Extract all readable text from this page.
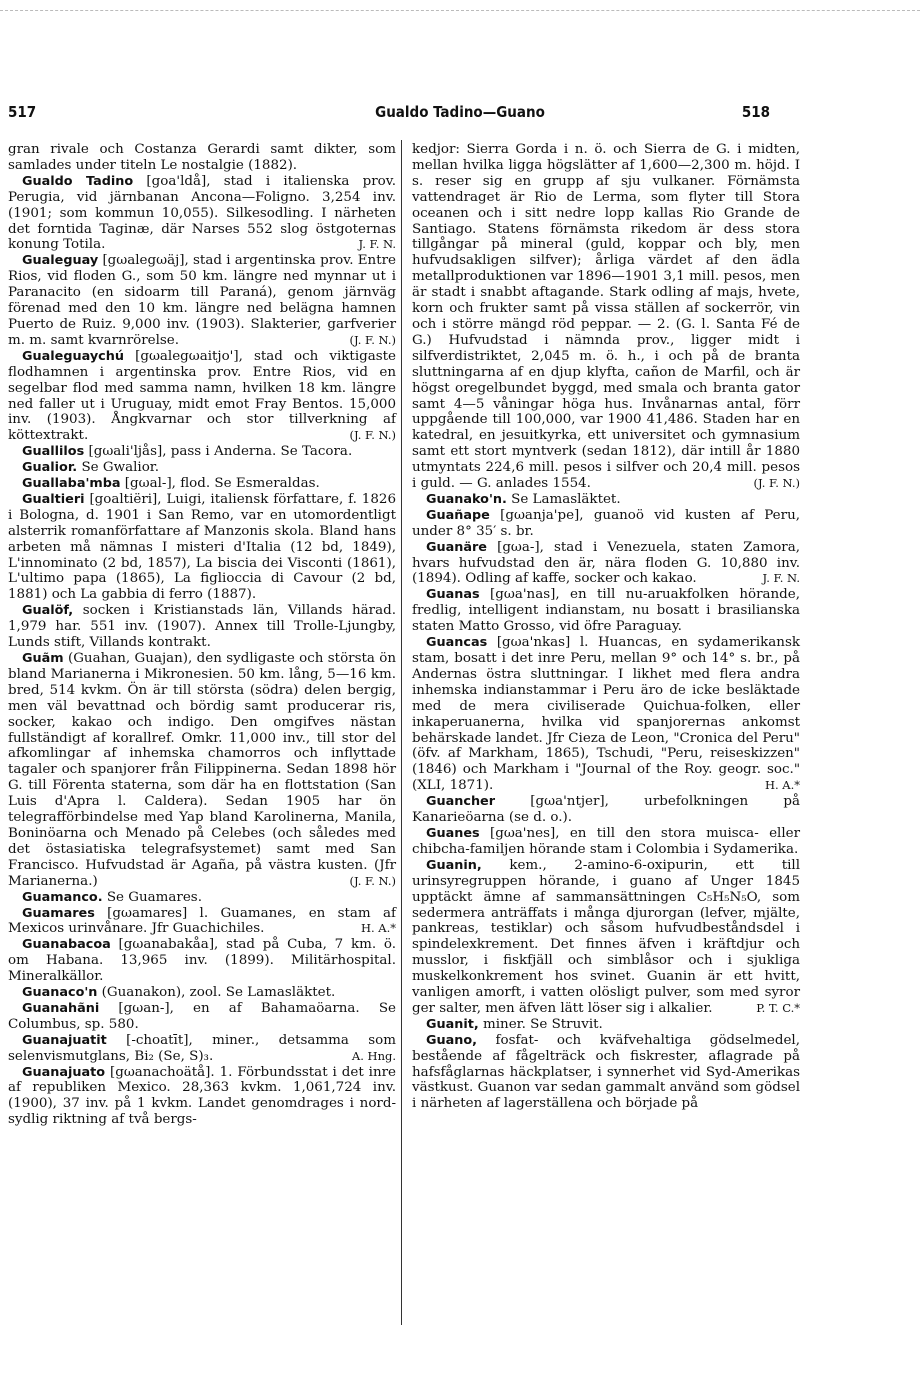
517	Gualdo Tadino—Guano	518

gran rivale och Costanza Gerardi samt dikter, som samlades under titeln Le nostalgie (1882).

Gualdo Tadino [goa'ldå], stad i italienska prov. Perugia, vid järnbanan Ancona—Foligno. 3,254 inv. (1901; som kommun 10,055). Silkesodling. I närheten det forntida Taginæ, där Narses 552 slog östgoternas konung Totila.	J. F. N.

Gualeguay [gωalegωäj], stad i argentinska prov. Entre Rios, vid floden G., som 50 km. längre ned mynnar ut i Paranacito (en sidoarm till Paraná), genom järnväg förenad med den 10 km. längre ned belägna hamnen Puerto de Ruiz. 9,000 inv. (1903). Slakterier, garfverier m. m. samt kvarnrörelse.	(J. F. N.)

Gualeguaychú [gωalegωaitjo'], stad och viktigaste flodhamnen i argentinska prov. Entre Rios, vid en segelbar flod med samma namn, hvilken 18 km. längre ned faller ut i Uruguay, midt emot Fray Bentos. 15,000 inv. (1903). Ångkvarnar och stor tillverkning af köttextrakt.	(J. F. N.)

Guallilos [gωali'ljås], pass i Anderna. Se Tacora.

Gualior. Se Gwalior.

Guallaba'mba [gωal-], flod. Se Esmeraldas.

Gualtieri [goaltiëri], Luigi, italiensk författare, f. 1826 i Bologna, d. 1901 i San Remo, var en utomordentligt alsterrik romanförfattare af Manzonis skola. Bland hans arbeten må nämnas I misteri d'Italia (12 bd, 1849), L'innominato (2 bd, 1857), La biscia dei Visconti (1861), L'ultimo papa (1865), La figlioccia di Cavour (2 bd, 1881) och La gabbia di ferro (1887).

Gualöf, socken i Kristianstads län, Villands härad. 1,979 har. 551 inv. (1907). Annex till Trolle-Ljungby, Lunds stift, Villands kontrakt.

Guãm (Guahan, Guajan), den sydligaste och största ön bland Marianerna i Mikronesien. 50 km. lång, 5—16 km. bred, 514 kvkm. Ön är till största (södra) delen bergig, men väl bevattnad och bördig samt producerar ris, socker, kakao och indigo. Den omgifves nästan fullständigt af korallref. Omkr. 11,000 inv., till stor del afkomlingar af inhemska chamorros och inflyttade tagaler och spanjorer från Filippinerna. Sedan 1898 hör G. till Förenta staterna, som där ha en flottstation (San Luis d'Apra l. Caldera). Sedan 1905 har ön telegrafförbindelse med Yap bland Karolinerna, Manila, Boninöarna och Menado på Celebes (och således med det östasiatiska telegrafsystemet) samt med San Francisco. Hufvudstad är Agaña, på västra kusten. (Jfr Marianerna.)	(J. F. N.)

Guamanco. Se Guamares.

Guamares [gωamares] l. Guamanes, en stam af Mexicos urinvånare. Jfr Guachichiles.	H. A.*

Guanabacoa [gωanabakåa], stad på Cuba, 7 km. ö. om Habana. 13,965 inv. (1899). Militärhospital. Mineralkällor.

Guanaco'n (Guanakon), zool. Se Lamasläktet.

Guanahãni [gωan-], en af Bahamaöarna. Se Columbus, sp. 580.

Guanajuatit [-choatīt], miner., detsamma som selenvismutglans, Bi₂ (Se, S)₃.	A. Hng.

Guanajuato [gωanachoätå]. 1. Förbundsstat i det inre af republiken Mexico. 28,363 kvkm. 1,061,724 inv. (1900), 37 inv. på 1 kvkm. Landet genomdrages i nord-sydlig riktning af två bergs-

kedjor: Sierra Gorda i n. ö. och Sierra de G. i midten, mellan hvilka ligga högslätter af 1,600—2,300 m. höjd. I s. reser sig en grupp af sju vulkaner. Förnämsta vattendraget är Rio de Lerma, som flyter till Stora oceanen och i sitt nedre lopp kallas Rio Grande de Santiago. Statens förnämsta rikedom är dess stora tillgångar på mineral (guld, koppar och bly, men hufvudsakligen silfver); årliga värdet af den ädla metallproduktionen var 1896—1901 3,1 mill. pesos, men är stadt i snabbt aftagande. Stark odling af majs, hvete, korn och frukter samt på vissa ställen af sockerrör, vin och i större mängd röd peppar. — 2. (G. l. Santa Fé de G.) Hufvudstad i nämnda prov., ligger midt i silfverdistriktet, 2,045 m. ö. h., i och på de branta sluttningarna af en djup klyfta, cañon de Marfil, och är högst oregelbundet byggd, med smala och branta gator samt 4—5 våningar höga hus. Invånarnas antal, förr uppgående till 100,000, var 1900 41,486. Staden har en katedral, en jesuitkyrka, ett universitet och gymnasium samt ett stort myntverk (sedan 1812), där intill år 1880 utmyntats 224,6 mill. pesos i silfver och 20,4 mill. pesos i guld. — G. anlades 1554.	(J. F. N.)

Guanako'n. Se Lamasläktet.

Guañape [gωanja'pe], guanoö vid kusten af Peru, under 8° 35′ s. br.

Guanäre [gωa-], stad i Venezuela, staten Zamora, hvars hufvudstad den är, nära floden G. 10,880 inv. (1894). Odling af kaffe, socker och kakao.	J. F. N.

Guanas [gωa'nas], en till nu-aruakfolken hörande, fredlig, intelligent indianstam, nu bosatt i brasilianska staten Matto Grosso, vid öfre Paraguay.

Guancas [gωa'nkas] l. Huancas, en sydamerikansk stam, bosatt i det inre Peru, mellan 9° och 14° s. br., på Andernas östra sluttningar. I likhet med flera andra inhemska indianstammar i Peru äro de icke besläktade med de mera civiliserade Quichua-folken, eller inkaperuanerna, hvilka vid spanjorernas ankomst behärskade landet. Jfr Cieza de Leon, "Cronica del Peru" (öfv. af Markham, 1865), Tschudi, "Peru, reiseskizzen" (1846) och Markham i "Journal of the Roy. geogr. soc." (XLI, 1871).	H. A.*

Guancher [gωa'ntjer], urbefolkningen på Kanarieöarna (se d. o.).

Guanes [gωa'nes], en till den stora muisca- eller chibcha-familjen hörande stam i Colombia i Sydamerika.

Guanin, kem., 2-amino-6-oxipurin, ett till urinsyregruppen hörande, i guano af Unger 1845 upptäckt ämne af sammansättningen C₅H₅N₅O, som sedermera anträffats i många djurorgan (lefver, mjälte, pankreas, testiklar) och såsom hufvudbeståndsdel i spindelexkrement. Det finnes äfven i kräftdjur och musslor, i fiskfjäll och simblåsor och i sjukliga muskelkonkrement hos svinet. Guanin är ett hvitt, vanligen amorft, i vatten olösligt pulver, som med syror ger salter, men äfven lätt löser sig i alkalier.	P. T. C.*

Guanit, miner. Se Struvit.

Guano, fosfat- och kväfvehaltiga gödselmedel, bestående af fågelträck och fiskrester, aflagrade på hafsfåglarnas häckplatser, i synnerhet vid Syd-Amerikas västkust. Guanon var sedan gammalt använd som gödsel i närheten af lagerställena och började på
